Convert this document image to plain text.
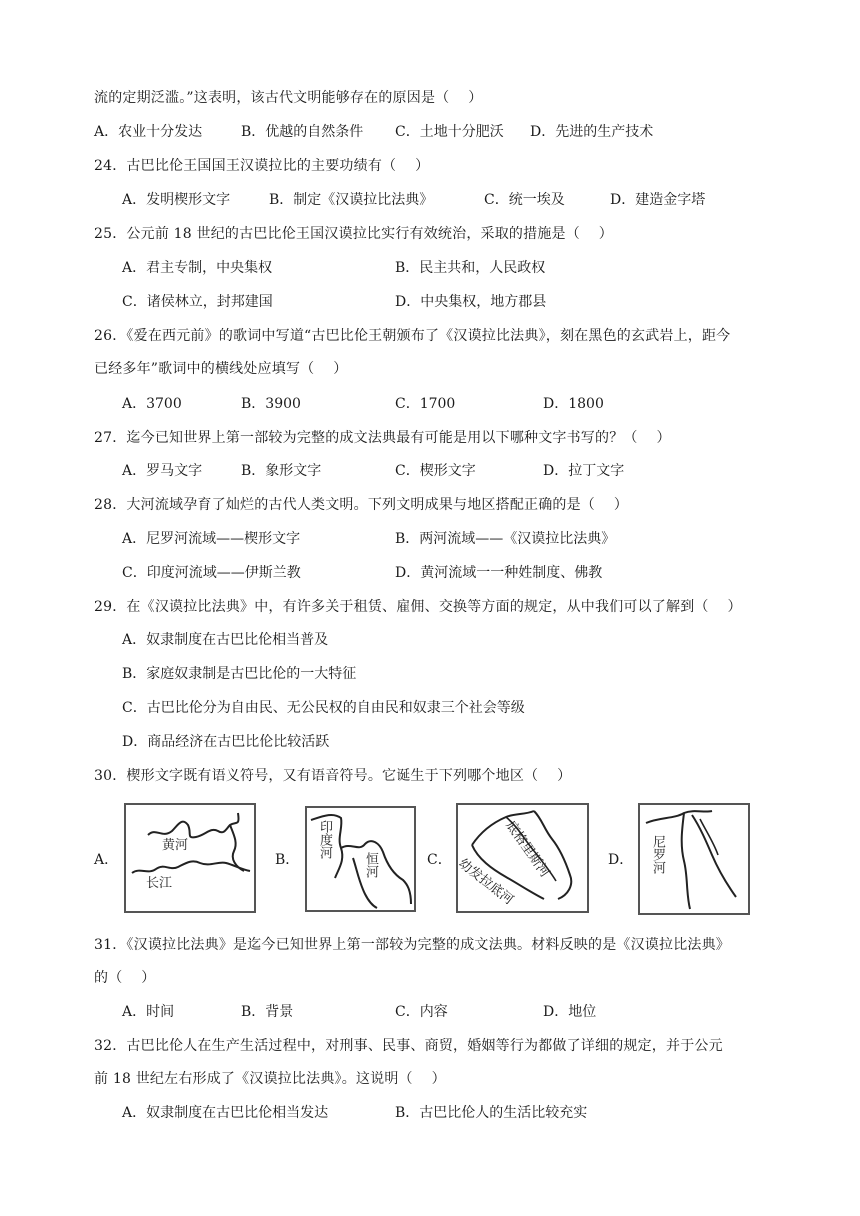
流的定期泛滥。”这表明，该古代文明能够存在的原因是（　 ）
A．农业十分发达	B．优越的自然条件 C．土地十分肥沃 D．先进的生产技术
24．古巴比伦王国国王汉谟拉比的主要功绩有（　 ）
A．发明楔形文字	B．制定《汉谟拉比法典》	C．统一埃及	D．建造金字塔
25．公元前 18 世纪的古巴比伦王国汉谟拉比实行有效统治，采取的措施是（　 ）
A．君主专制，中央集权	B．民主共和，人民政权
C．诸侯林立，封邦建国	D．中央集权，地方郡县
26．《爱在西元前》的歌词中写道“古巴比伦王朝颁布了《汉谟拉比法典》，刻在黑色的玄武岩上，距今
已经多年”歌词中的横线处应填写（　 ）
A．3700	B．3900	C．1700	D．1800
27．迄今已知世界上第一部较为完整的成文法典最有可能是用以下哪种文字书写的？（　 ）
A．罗马文字	B．象形文字	C．楔形文字	D．拉丁文字
28．大河流域孕育了灿烂的古代人类文明。下列文明成果与地区搭配正确的是（　 ）
A．尼罗河流域——楔形文字	B．两河流域——《汉谟拉比法典》
C．印度河流域——伊斯兰教	D．黄河流域一一种姓制度、佛教
29．在《汉谟拉比法典》中，有许多关于租赁、雇佣、交换等方面的规定，从中我们可以了解到（　 ）
A．奴隶制度在古巴比伦相当普及
B．家庭奴隶制是古巴比伦的一大特征
C．古巴比伦分为自由民、无公民权的自由民和奴隶三个社会等级
D．商品经济在古巴比伦比较活跃
30．楔形文字既有语义符号，又有语音符号。它诞生于下列哪个地区（　 ）
A．
黄河
长江
B．
印度河
恒河	C． 幼发拉底河
底格里斯河	D． 尼罗河
31．《汉谟拉比法典》是迄今已知世界上第一部较为完整的成文法典。材料反映的是《汉谟拉比法典》
的（　 ）
A．时间	B．背景	C．内容	D．地位
32．古巴比伦人在生产生活过程中，对刑事、民事、商贸，婚姻等行为都做了详细的规定，并于公元
前 18 世纪左右形成了《汉谟拉比法典》。这说明（　 ）
A．奴隶制度在古巴比伦相当发达	B．古巴比伦人的生活比较充实
